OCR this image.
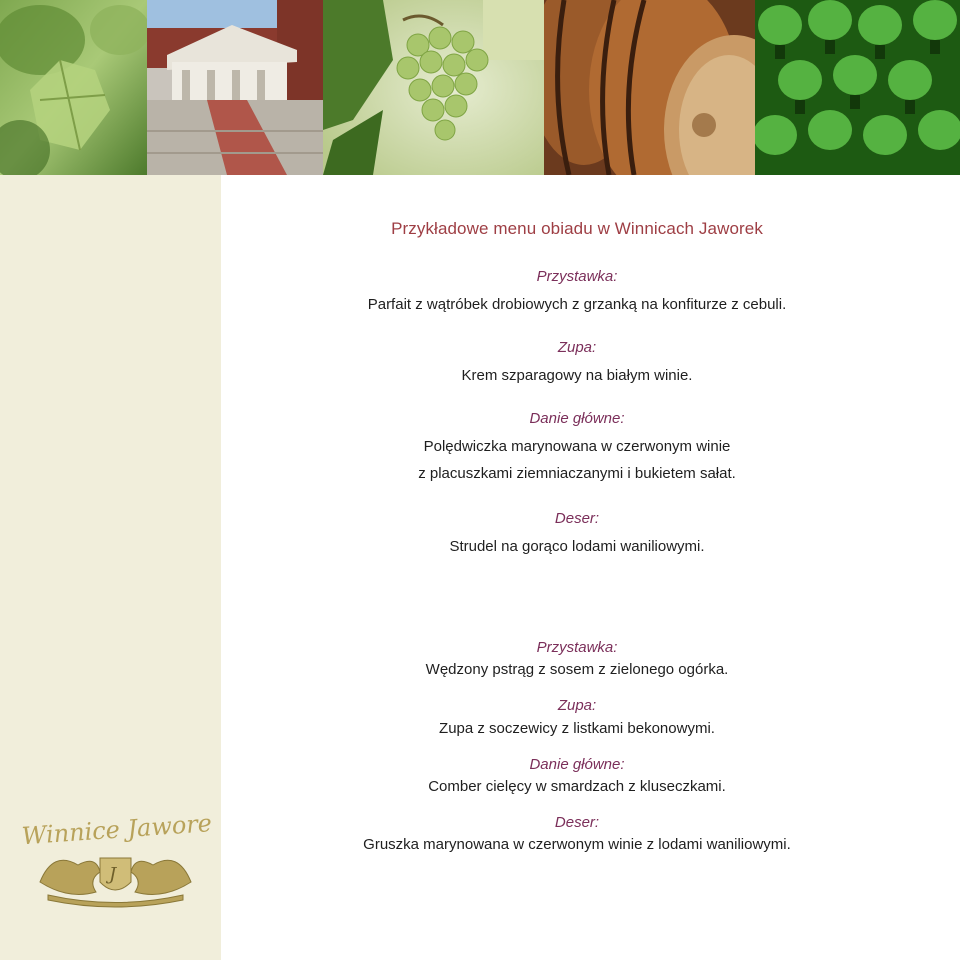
Winnice Jaworek
J
Przykładowe menu obiadu w Winnicach Jaworek
Przystawka:
Parfait z wątróbek drobiowych z grzanką na konfiturze z cebuli.
Zupa:
Krem szparagowy na białym winie.
Danie główne:
Polędwiczka marynowana w czerwonym winie
z placuszkami ziemniaczanymi i bukietem sałat.
Deser:
Strudel na gorąco lodami waniliowymi.
Przystawka:
Wędzony pstrąg z sosem z zielonego ogórka.
Zupa:
Zupa z soczewicy z listkami bekonowymi.
Danie główne:
Comber cielęcy w smardzach z kluseczkami.
Deser:
Gruszka marynowana w czerwonym winie z lodami waniliowymi.
